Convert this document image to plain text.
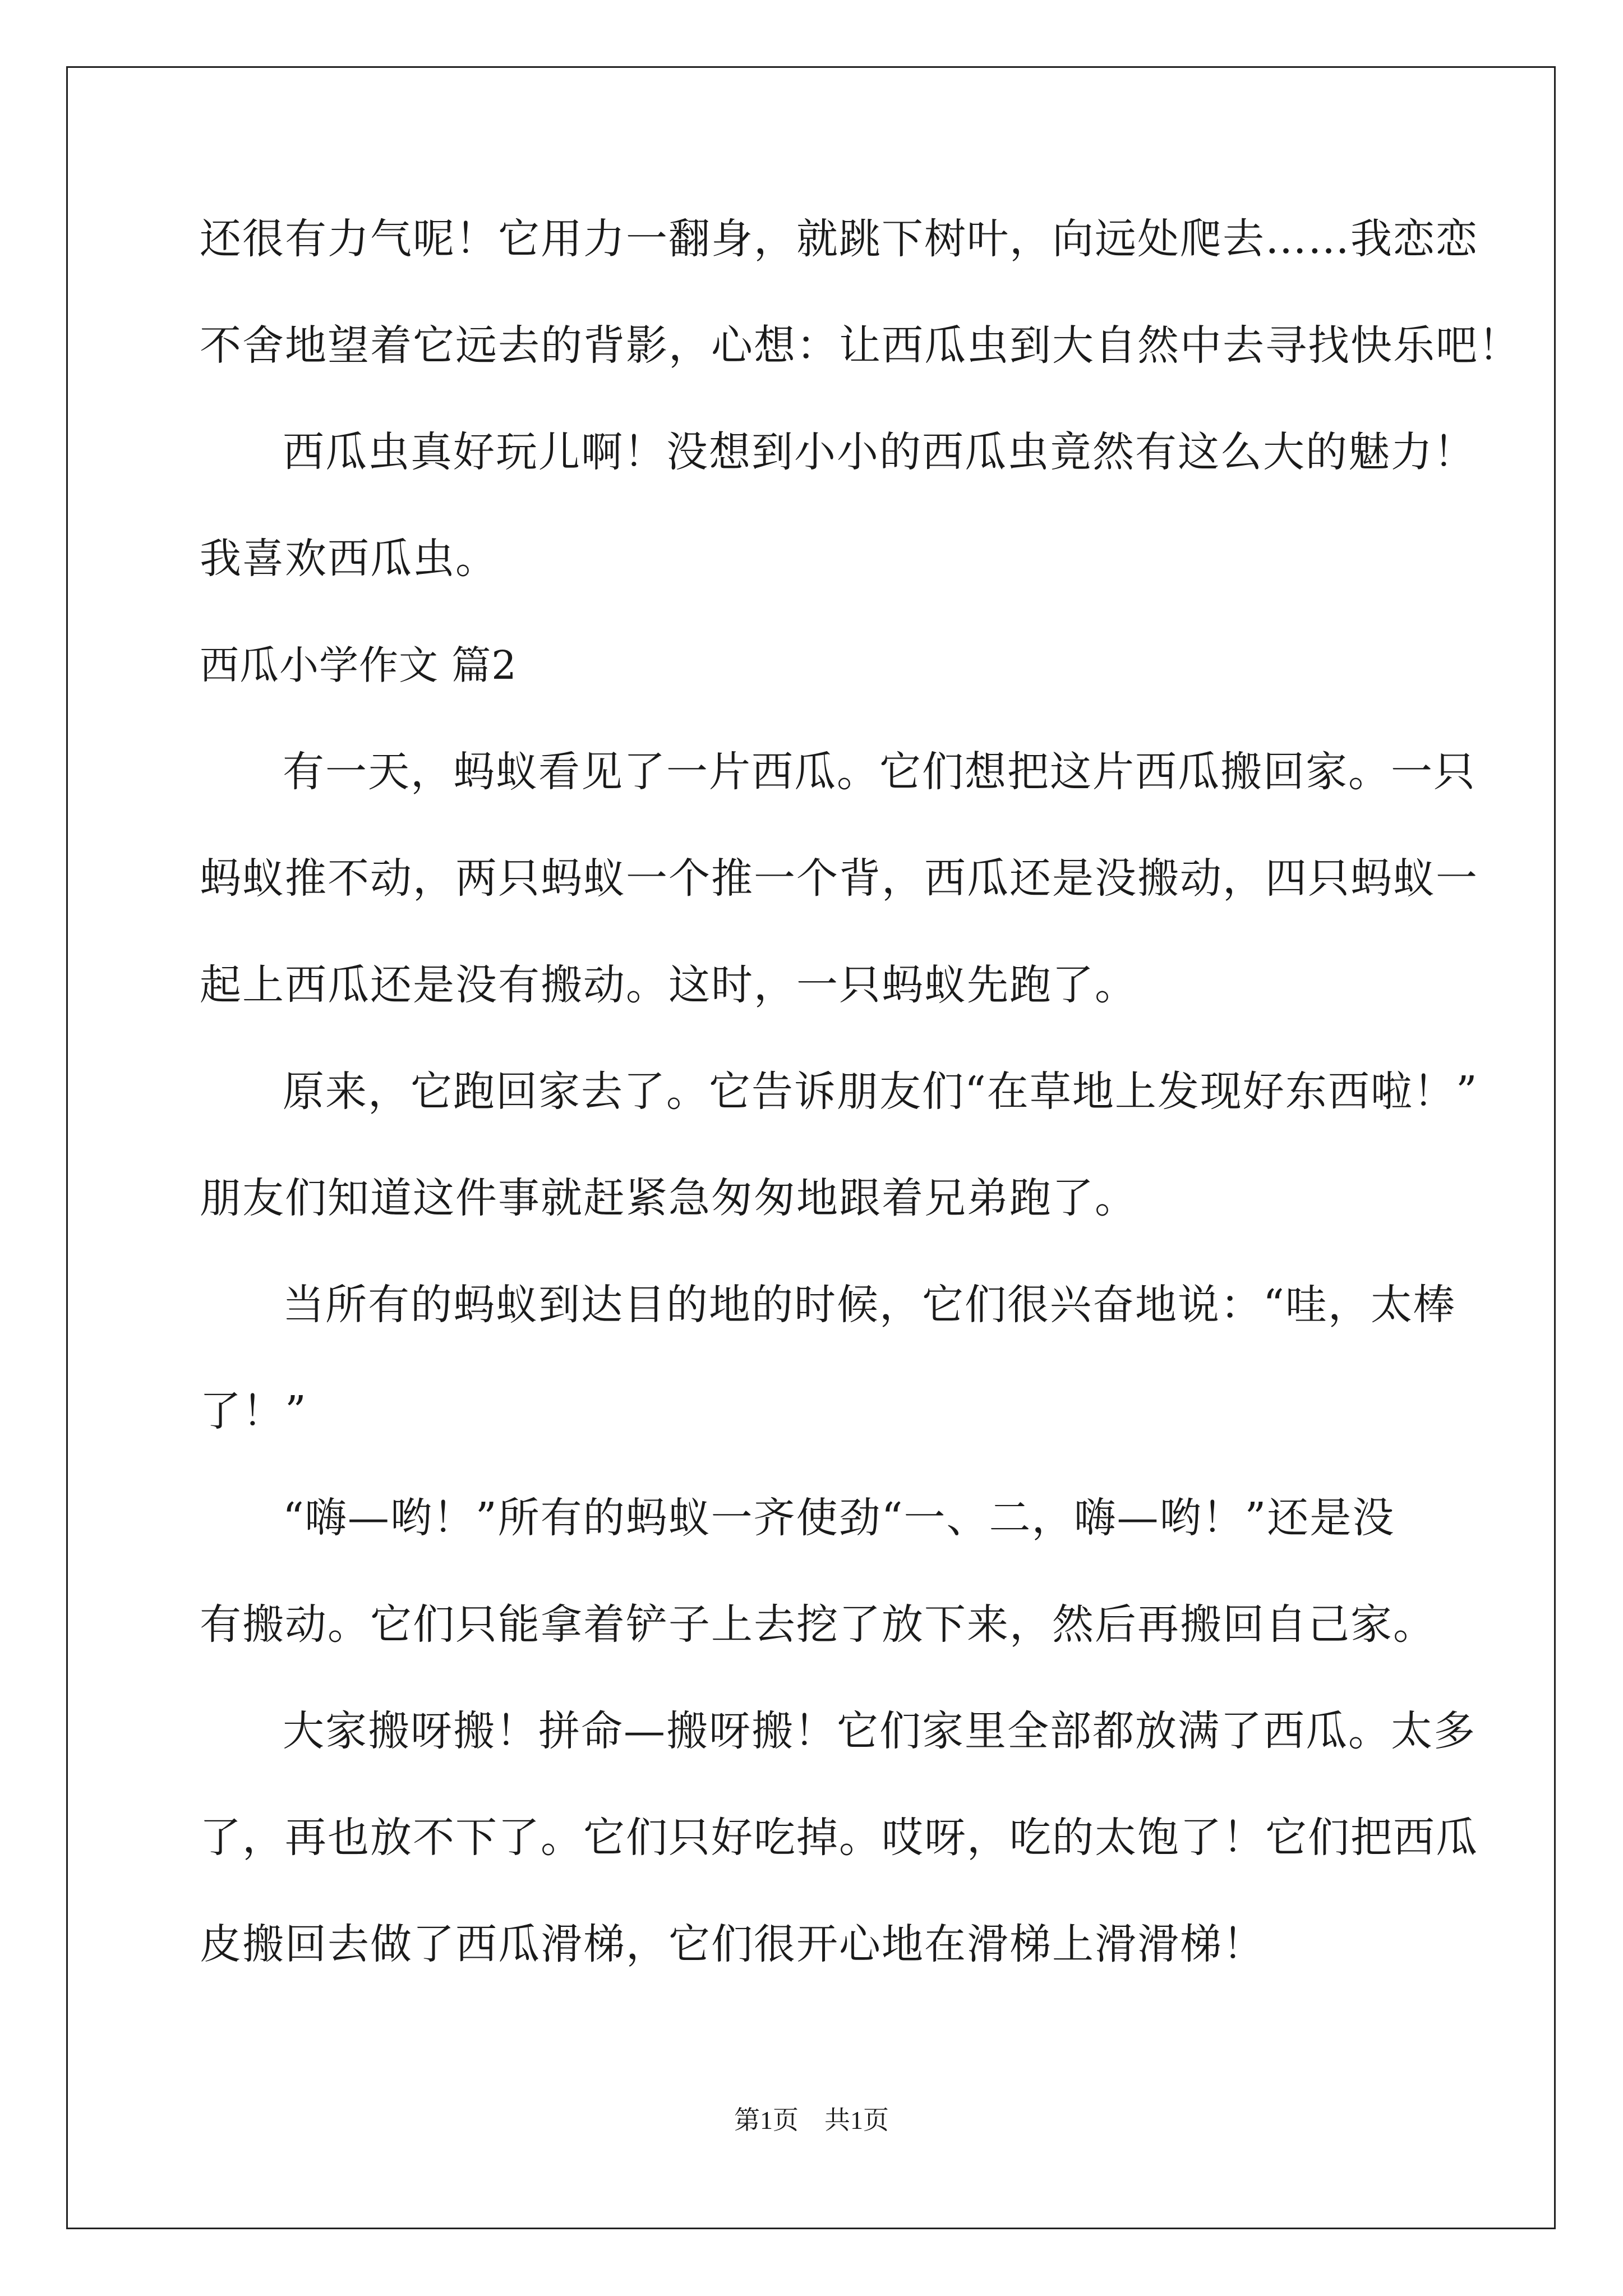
还很有力气呢！它用力一翻身，就跳下树叶，向远处爬去……我恋恋

不舍地望着它远去的背影，心想：让西瓜虫到大自然中去寻找快乐吧！

西瓜虫真好玩儿啊！没想到小小的西瓜虫竟然有这么大的魅力！

我喜欢西瓜虫。

西瓜小学作文 篇2

有一天，蚂蚁看见了一片西瓜。它们想把这片西瓜搬回家。一只

蚂蚁推不动，两只蚂蚁一个推一个背，西瓜还是没搬动，四只蚂蚁一

起上西瓜还是没有搬动。这时，一只蚂蚁先跑了。

原来，它跑回家去了。它告诉朋友们“在草地上发现好东西啦！”

朋友们知道这件事就赶紧急匆匆地跟着兄弟跑了。

当所有的蚂蚁到达目的地的时候，它们很兴奋地说：“哇，太棒

了！”

“嗨—哟！”所有的蚂蚁一齐使劲“一、二，嗨—哟！”还是没

有搬动。它们只能拿着铲子上去挖了放下来，然后再搬回自己家。

大家搬呀搬！拼命—搬呀搬！它们家里全部都放满了西瓜。太多

了，再也放不下了。它们只好吃掉。哎呀，吃的太饱了！它们把西瓜

皮搬回去做了西瓜滑梯，它们很开心地在滑梯上滑滑梯！

第1页 共1页
